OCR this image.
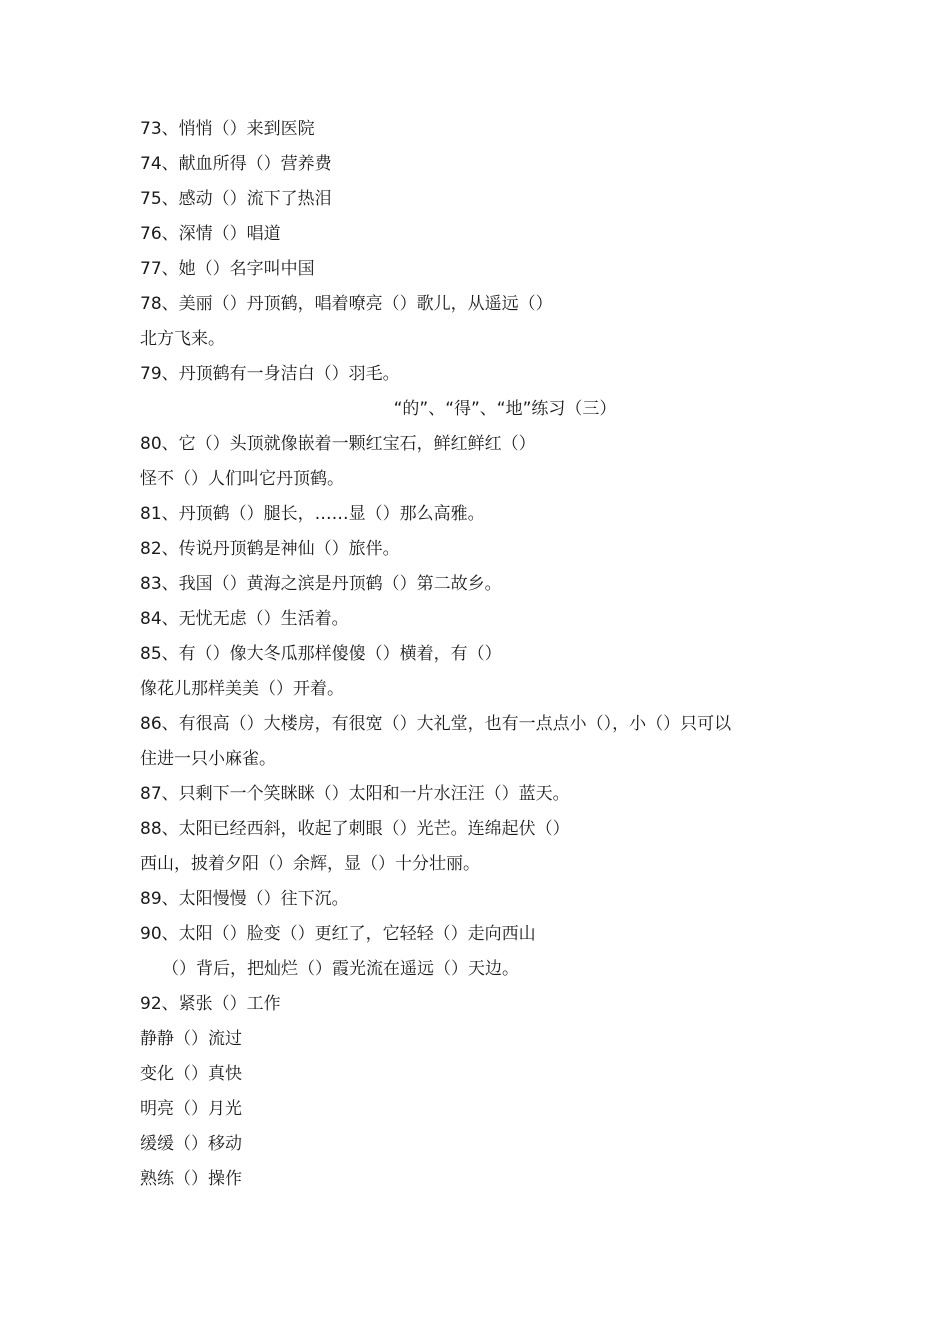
73、悄悄（）来到医院
74、献血所得（）营养费
75、感动（）流下了热泪
76、深情（）唱道
77、她（）名字叫中国
78、美丽（）丹顶鹤，唱着嘹亮（）歌儿，从遥远（）
北方飞来。
79、丹顶鹤有一身洁白（）羽毛。
“的”、“得”、“地”练习（三）
80、它（）头顶就像嵌着一颗红宝石，鲜红鲜红（）
怪不（）人们叫它丹顶鹤。
81、丹顶鹤（）腿长，……显（）那么高雅。
82、传说丹顶鹤是神仙（）旅伴。
83、我国（）黄海之滨是丹顶鹤（）第二故乡。
84、无忧无虑（）生活着。
85、有（）像大冬瓜那样傻傻（）横着，有（）
像花儿那样美美（）开着。
86、有很高（）大楼房，有很宽（）大礼堂，也有一点点小（），小（）只可以
住进一只小麻雀。
87、只剩下一个笑眯眯（）太阳和一片水汪汪（）蓝天。
88、太阳已经西斜，收起了刺眼（）光芒。连绵起伏（）
西山，披着夕阳（）余辉，显（）十分壮丽。
89、太阳慢慢（）往下沉。
90、太阳（）脸变（）更红了，它轻轻（）走向西山
（）背后，把灿烂（）霞光流在遥远（）天边。
92、紧张（）工作
静静（）流过
变化（）真快
明亮（）月光
缓缓（）移动
熟练（）操作
